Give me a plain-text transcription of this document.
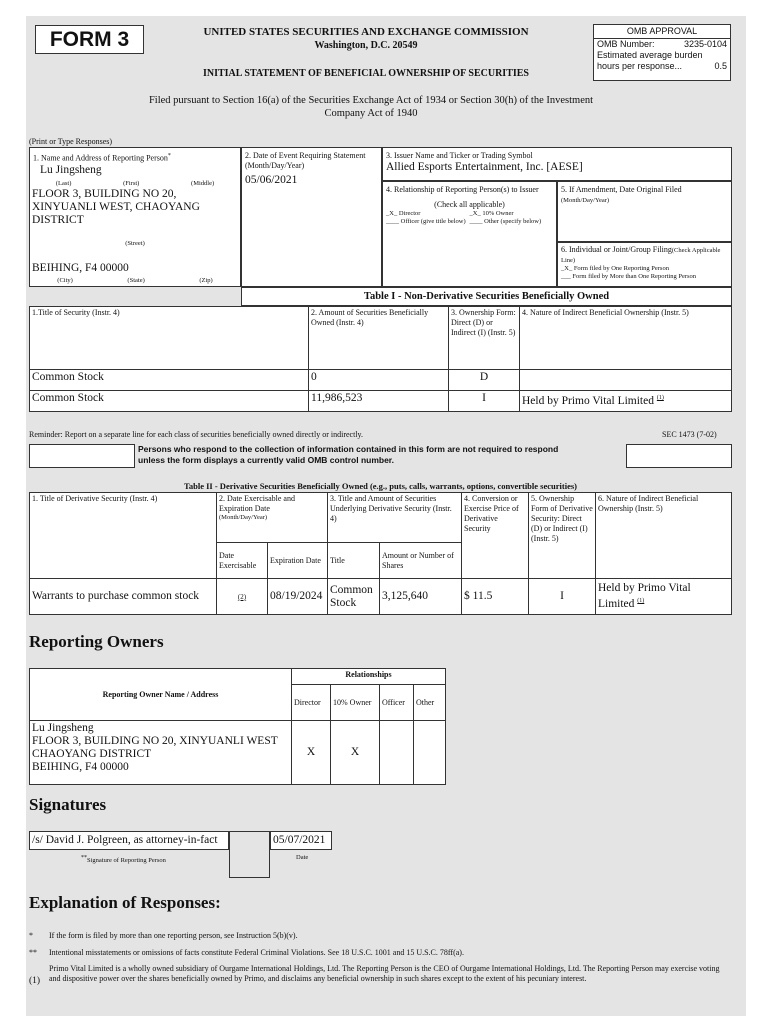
FORM 3	UNITED STATES SECURITIES AND EXCHANGE COMMISSION
Washington, D.C. 20549
INITIAL STATEMENT OF BENEFICIAL OWNERSHIP OF SECURITIES
OMB APPROVAL
OMB Number:	3235-0104
Estimated average burden
hours per response...	0.5
Filed pursuant to Section 16(a) of the Securities Exchange Act of 1934 or Section 30(h) of the Investment Company Act of 1940
(Print or Type Responses)
1. Name and Address of Reporting Person*
Lu Jingsheng
(Last)	(First)	(Middle)
FLOOR 3, BUILDING NO 20, XINYUANLI WEST, CHAOYANG DISTRICT
(Street)
BEIHING, F4 00000
(City)	(State)	(Zip)
2. Date of Event Requiring Statement (Month/Day/Year)
05/06/2021
3. Issuer Name and Ticker or Trading Symbol
Allied Esports Entertainment, Inc. [AESE]
4. Relationship of Reporting Person(s) to Issuer
(Check all applicable)
_X_ Director
____ Officer (give title below)
_X_ 10% Owner
____ Other (specify below)
5. If Amendment, Date Original Filed (Month/Day/Year)
6. Individual or Joint/Group Filing(Check Applicable Line)
_X_ Form filed by One Reporting Person
___ Form filed by More than One Reporting Person
Table I - Non-Derivative Securities Beneficially Owned
1.Title of Security (Instr. 4)	2. Amount of Securities Beneficially Owned (Instr. 4)	3. Ownership Form: Direct (D) or Indirect (I) (Instr. 5)	4. Nature of Indirect Beneficial Ownership (Instr. 5)
Common Stock	0	D	
Common Stock	11,986,523	I	Held by Primo Vital Limited $^{(1)}$
Reminder: Report on a separate line for each class of securities beneficially owned directly or indirectly.	SEC 1473 (7-02)
Persons who respond to the collection of information contained in this form are not required to respond
unless the form displays a currently valid OMB control number.
Table II - Derivative Securities Beneficially Owned (e.g., puts, calls, warrants, options, convertible securities)
1. Title of Derivative Security (Instr. 4)	2. Date Exercisable and Expiration Date
(Month/Day/Year)		3. Title and Amount of Securities Underlying Derivative Security (Instr. 4)		4. Conversion or Exercise Price of Derivative Security	5. Ownership Form of Derivative Security: Direct (D) or Indirect (I) (Instr. 5)	6. Nature of Indirect Beneficial Ownership (Instr. 5)
	Date Exercisable	Expiration Date	Title	Amount or Number of Shares			
Warrants to purchase common stock	(2)	08/19/2024	Common Stock	3,125,640	$ 11.5	I	Held by Primo Vital Limited $^{(1)}$
Reporting Owners
Reporting Owner Name / Address	Relationships			
	Director	10% Owner	Officer	Other

Lu Jingsheng
FLOOR 3, BUILDING NO 20, XINYUANLI WEST
CHAOYANG DISTRICT
BEIHING, F4 00000	X	X		
Signatures
/s/ David J. Polgreen, as attorney-in-fact	05/07/2021
**Signature of Reporting Person	Date
Explanation of Responses:
* If the form is filed by more than one reporting person, see Instruction 5(b)(v).
** Intentional misstatements or omissions of facts constitute Federal Criminal Violations. See 18 U.S.C. 1001 and 15 U.S.C. 78ff(a).
(1)
Primo Vital Limited is a wholly owned subsidiary of Ourgame International Holdings, Ltd. The Reporting Person is the CEO of Ourgame International Holdings, Ltd. The Reporting Person may exercise voting and dispositive power over the shares beneficially owned by Primo, and disclaims any beneficial ownership in such shares except to the extent of his pecuniary interest.
